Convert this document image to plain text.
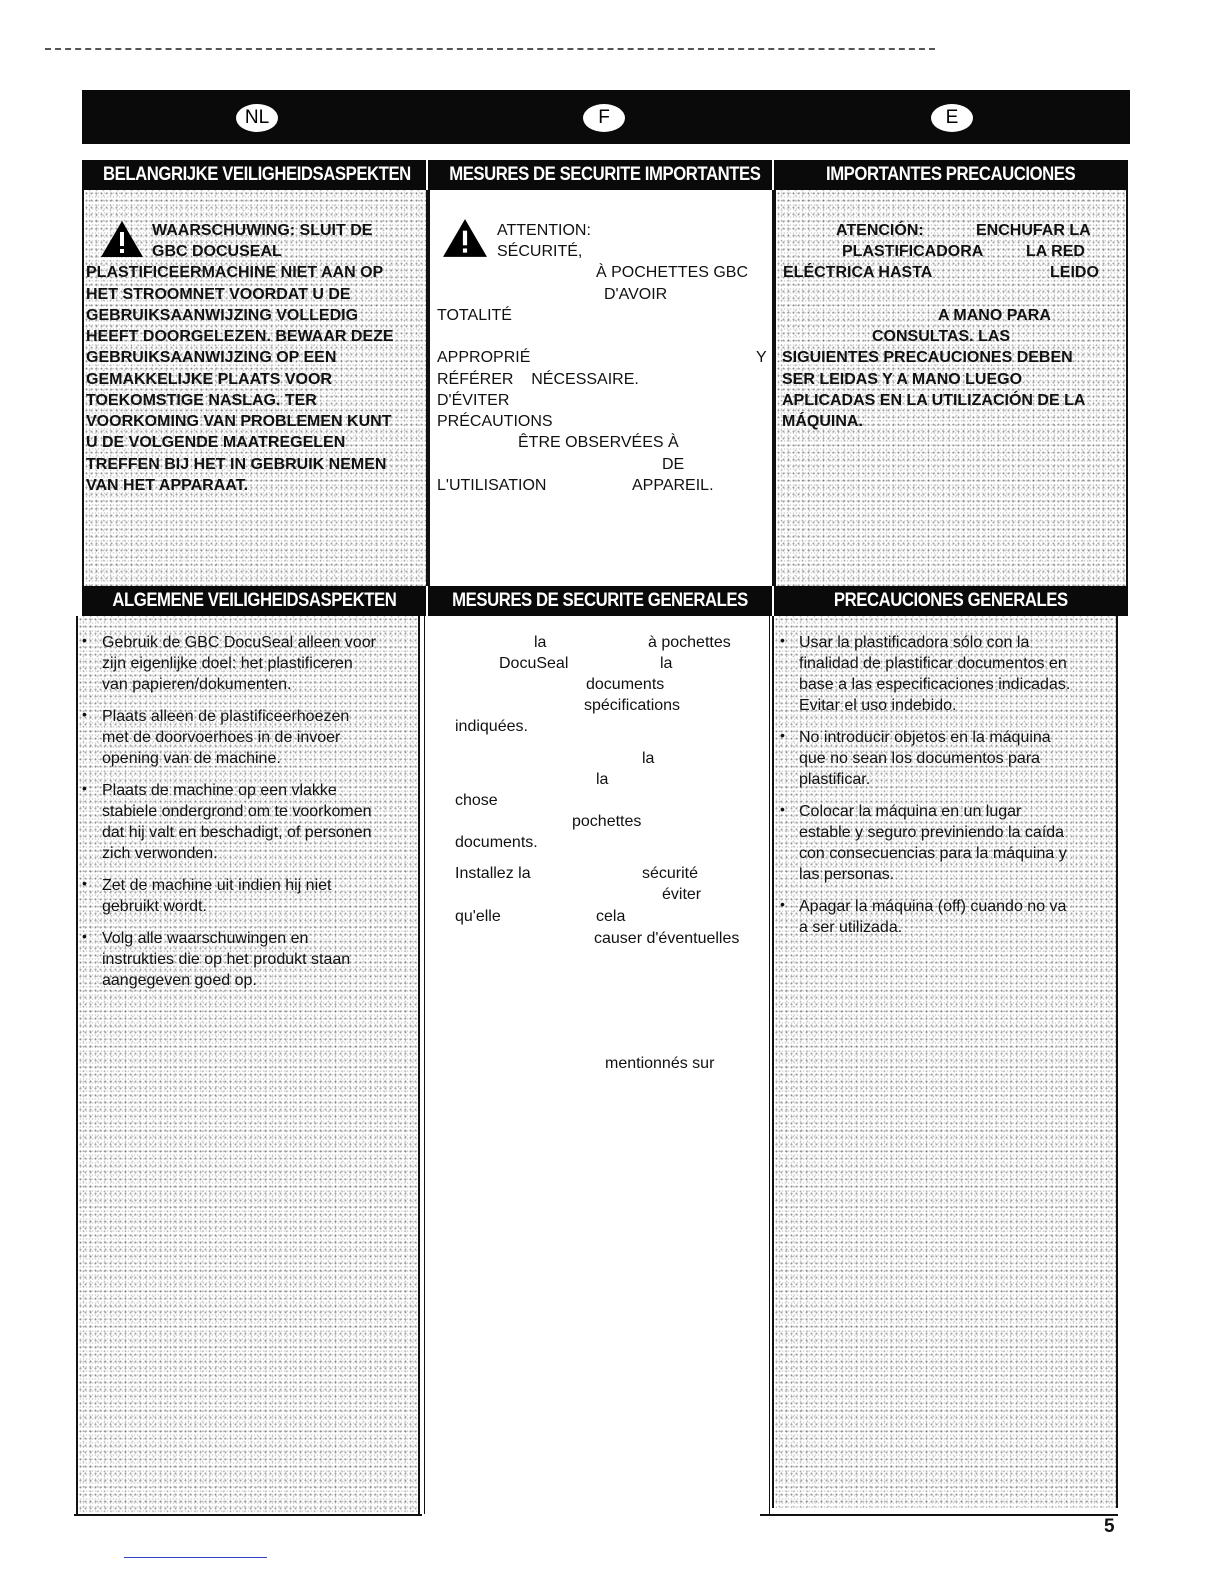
NL	F	E
BELANGRIJKE VEILIGHEIDSASPEKTEN	MESURES DE SECURITE IMPORTANTES	IMPORTANTES PRECAUCIONES
WAARSCHUWING: SLUIT DE
GBC DOCUSEAL
PLASTIFICEERMACHINE NIET AAN OP
HET STROOMNET VOORDAT U DE
GEBRUIKSAANWIJZING VOLLEDIG
HEEFT DOORGELEZEN. BEWAAR DEZE
GEBRUIKSAANWIJZING OP EEN
GEMAKKELIJKE PLAATS VOOR
TOEKOMSTIGE NASLAG. TER
VOORKOMING VAN PROBLEMEN KUNT
U DE VOLGENDE MAATREGELEN
TREFFEN BIJ HET IN GEBRUIK NEMEN
VAN HET APPARAAT.
ATTENTION:
SÉCURITÉ,
À POCHETTES GBC
D'AVOIR
TOTALITÉ
APPROPRIÉ	Y
RÉFÉRER    NÉCESSAIRE.
D'ÉVITER
PRÉCAUTIONS
ÊTRE OBSERVÉES À
DE
L'UTILISATION	APPAREIL.
ATENCIÓN:	ENCHUFAR LA
PLASTIFICADORA	LA RED
ELÉCTRICA HASTA	LEIDO
A MANO PARA
CONSULTAS. LAS
SIGUIENTES PRECAUCIONES DEBEN
SER LEIDAS Y A MANO LUEGO
APLICADAS EN LA UTILIZACIÓN DE LA
MÁQUINA.
ALGEMENE VEILIGHEIDSASPEKTEN	MESURES DE SECURITE GENERALES	PRECAUCIONES GENERALES
• Gebruik de GBC DocuSeal alleen voor
zijn eigenlijke doel: het plastificeren
van papieren/dokumenten.
• Plaats alleen de plastificeerhoezen
met de doorvoerhoes in de invoer
opening van de machine.
• Plaats de machine op een vlakke
stabiele ondergrond om te voorkomen
dat hij valt en beschadigt, of personen
zich verwonden.
• Zet de machine uit indien hij niet
gebruikt wordt.
• Volg alle waarschuwingen en
instrukties die op het produkt staan
aangegeven goed op.
la	à pochettes
DocuSeal	la
documents
spécifications
indiquées.
la
la
chose
pochettes
documents.
Installez la	sécurité
éviter
qu'elle	cela
causer d'éventuelles
mentionnés sur
• Usar la plastificadora sólo con la
finalidad de plastificar documentos en
base a las especificaciones indicadas.
Evitar el uso indebido.
• No introducir objetos en la máquina
que no sean los documentos para
plastificar.
• Colocar la máquina en un lugar
estable y seguro previniendo la caída
con consecuencias para la máquina y
las personas.
• Apagar la máquina (off) cuando no va
a ser utilizada.
5
